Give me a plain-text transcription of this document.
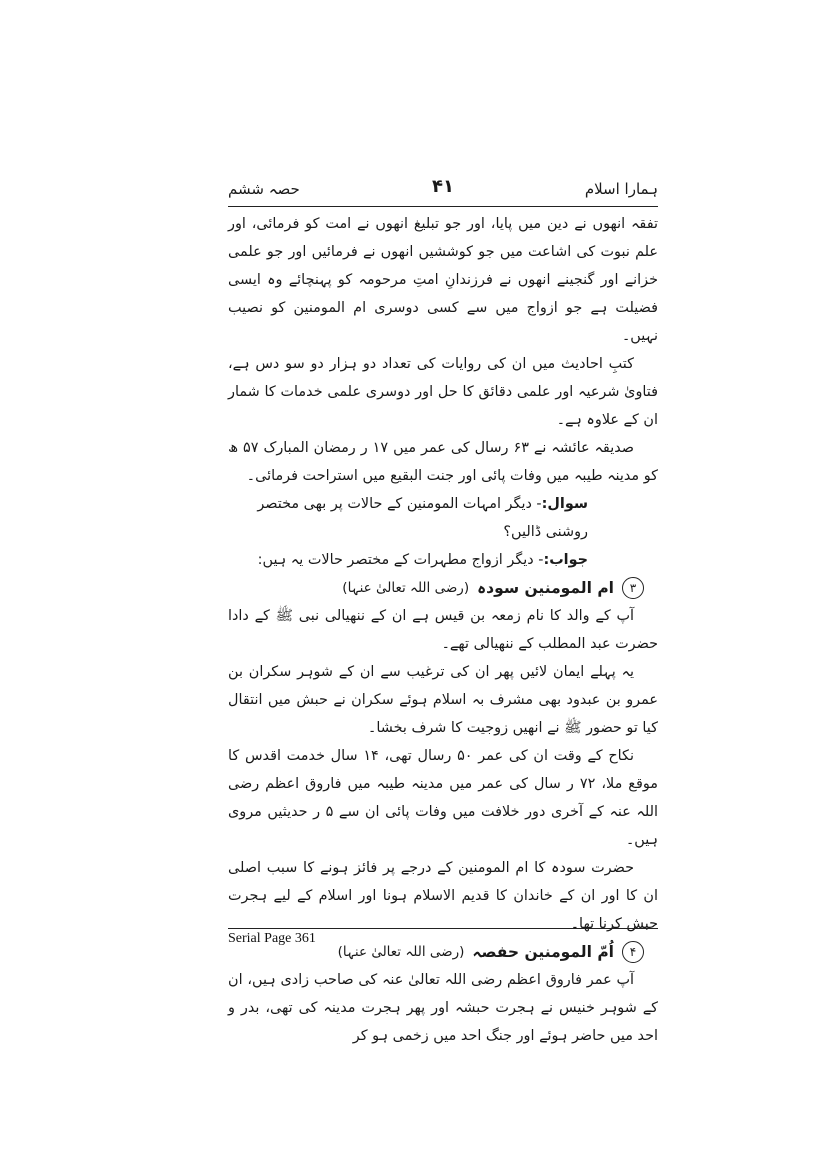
ہمارا اسلام
۴۱
حصہ ششم

تفقہ انھوں نے دین میں پایا، اور جو تبلیغ انھوں نے امت کو فرمائی، اور علم نبوت کی اشاعت میں جو کوششیں انھوں نے فرمائیں اور جو علمی خزانے اور گنجینے انھوں نے فرزندانِ امتِ مرحومہ کو پہنچائے وہ ایسی فضیلت ہے جو ازواج میں سے کسی دوسری ام المومنین کو نصیب نہیں۔

کتبِ احادیث میں ان کی روایات کی تعداد دو ہزار دو سو دس ہے، فتاویٰ شرعیہ اور علمی دقائق کا حل اور دوسری علمی خدمات کا شمار ان کے علاوہ ہے۔

صدیقہ عائشہ نے ۶۳ رسال کی عمر میں ۱۷ ر رمضان المبارک ۵۷ ھ کو مدینہ طیبہ میں وفات پائی اور جنت البقیع میں استراحت فرمائی۔

سوال:- دیگر امہات المومنین کے حالات پر بھی مختصر روشنی ڈالیں؟

جواب:- دیگر ازواج مطہرات کے مختصر حالات یہ ہیں:

۳
ام المومنین سودہ
(رضی اللہ تعالیٰ عنہا)

آپ کے والد کا نام زمعہ بن قیس ہے ان کے ننھیالی نبی ﷺ کے دادا حضرت عبد المطلب کے ننھیالی تھے۔

یہ پہلے ایمان لائیں پھر ان کی ترغیب سے ان کے شوہر سکران بن عمرو بن عبدود بھی مشرف بہ اسلام ہوئے سکران نے حبش میں انتقال کیا تو حضور ﷺ نے انھیں زوجیت کا شرف بخشا۔

نکاح کے وقت ان کی عمر ۵۰ رسال تھی، ۱۴ سال خدمت اقدس کا موقع ملا، ۷۲ ر سال کی عمر میں مدینہ طیبہ میں فاروق اعظم رضی اللہ عنہ کے آخری دور خلافت میں وفات پائی ان سے ۵ ر حدیثیں مروی ہیں۔

حضرت سودہ کا ام المومنین کے درجے پر فائز ہونے کا سبب اصلی ان کا اور ان کے خاندان کا قدیم الاسلام ہونا اور اسلام کے لیے ہجرت حبش کرنا تھا۔

۴
اُمّ المومنین حفصہ
(رضی اللہ تعالیٰ عنہا)

آپ عمر فاروق اعظم رضی اللہ تعالیٰ عنہ کی صاحب زادی ہیں، ان کے شوہر خنیس نے ہجرت حبشہ اور پھر ہجرت مدینہ کی تھی، بدر و احد میں حاضر ہوئے اور جنگ احد میں زخمی ہو کر

Serial Page 361
